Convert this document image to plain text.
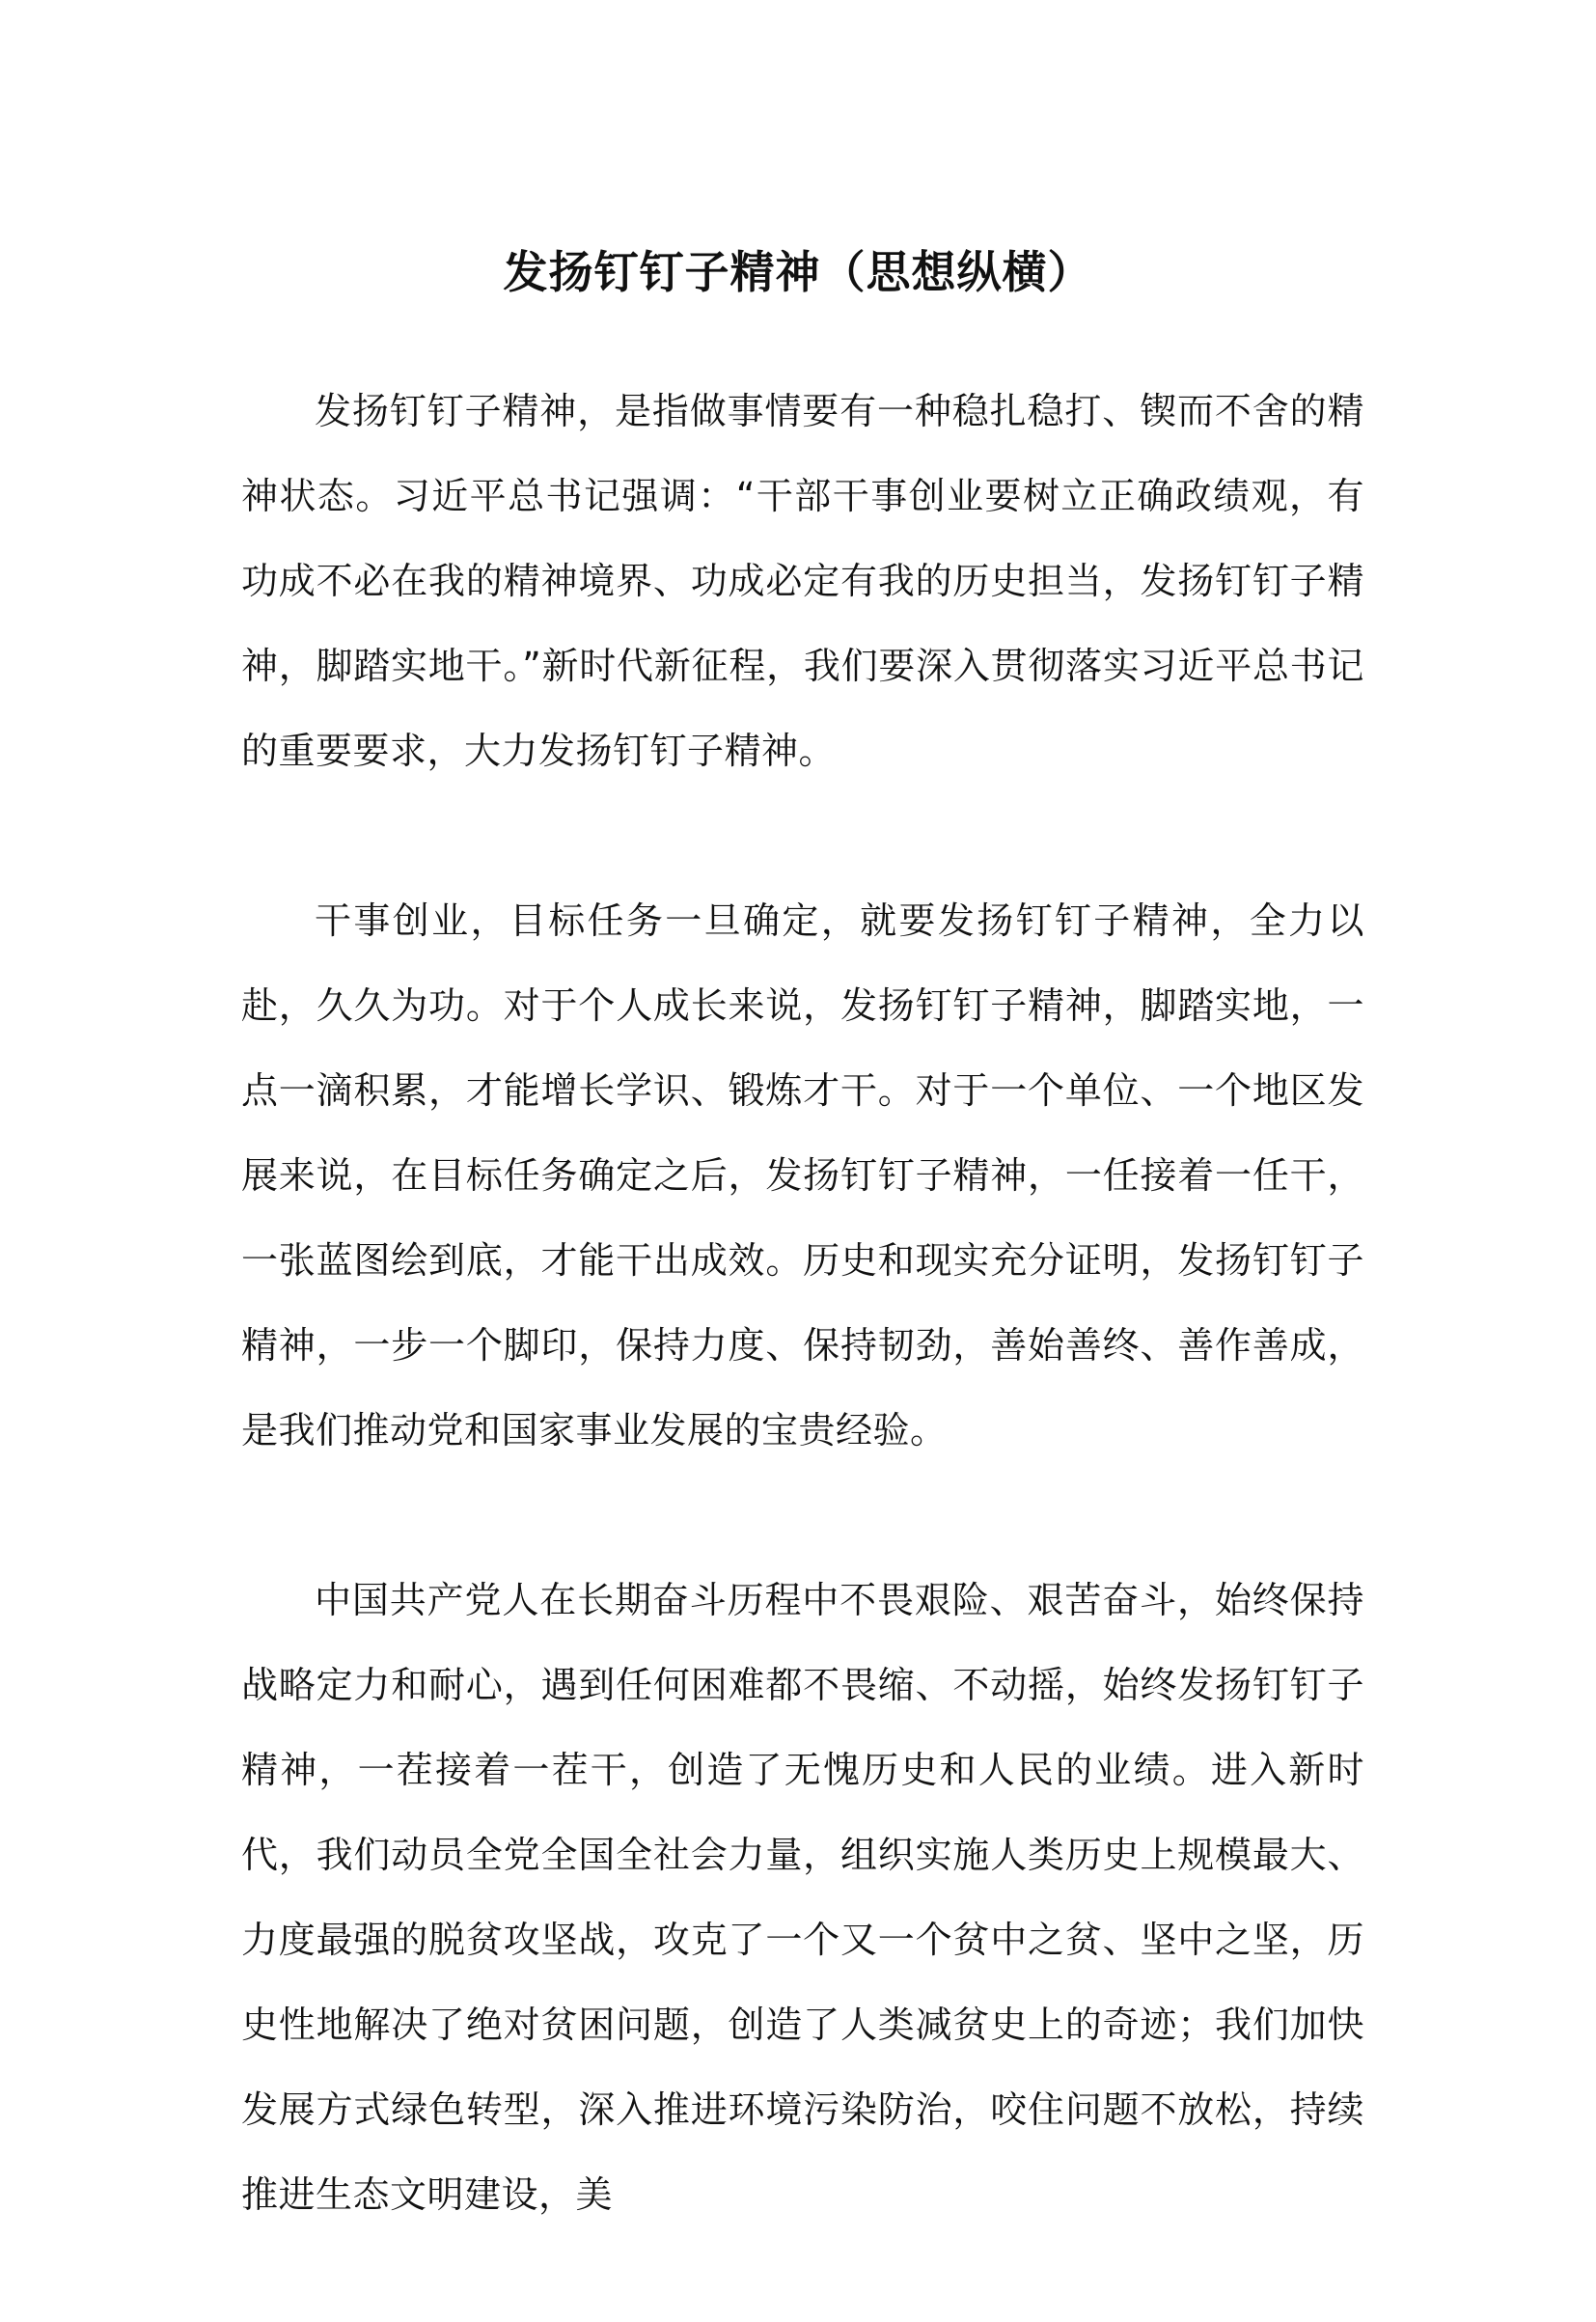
发扬钉钉子精神（思想纵横）

发扬钉钉子精神，是指做事情要有一种稳扎稳打、锲而不舍的精神状态。习近平总书记强调：“干部干事创业要树立正确政绩观，有功成不必在我的精神境界、功成必定有我的历史担当，发扬钉钉子精神，脚踏实地干。”新时代新征程，我们要深入贯彻落实习近平总书记的重要要求，大力发扬钉钉子精神。

干事创业，目标任务一旦确定，就要发扬钉钉子精神，全力以赴，久久为功。对于个人成长来说，发扬钉钉子精神，脚踏实地，一点一滴积累，才能增长学识、锻炼才干。对于一个单位、一个地区发展来说，在目标任务确定之后，发扬钉钉子精神，一任接着一任干，一张蓝图绘到底，才能干出成效。历史和现实充分证明，发扬钉钉子精神，一步一个脚印，保持力度、保持韧劲，善始善终、善作善成，是我们推动党和国家事业发展的宝贵经验。

中国共产党人在长期奋斗历程中不畏艰险、艰苦奋斗，始终保持战略定力和耐心，遇到任何困难都不畏缩、不动摇，始终发扬钉钉子精神，一茬接着一茬干，创造了无愧历史和人民的业绩。进入新时代，我们动员全党全国全社会力量，组织实施人类历史上规模最大、力度最强的脱贫攻坚战，攻克了一个又一个贫中之贫、坚中之坚，历史性地解决了绝对贫困问题，创造了人类减贫史上的奇迹；我们加快发展方式绿色转型，深入推进环境污染防治，咬住问题不放松，持续推进生态文明建设，美
